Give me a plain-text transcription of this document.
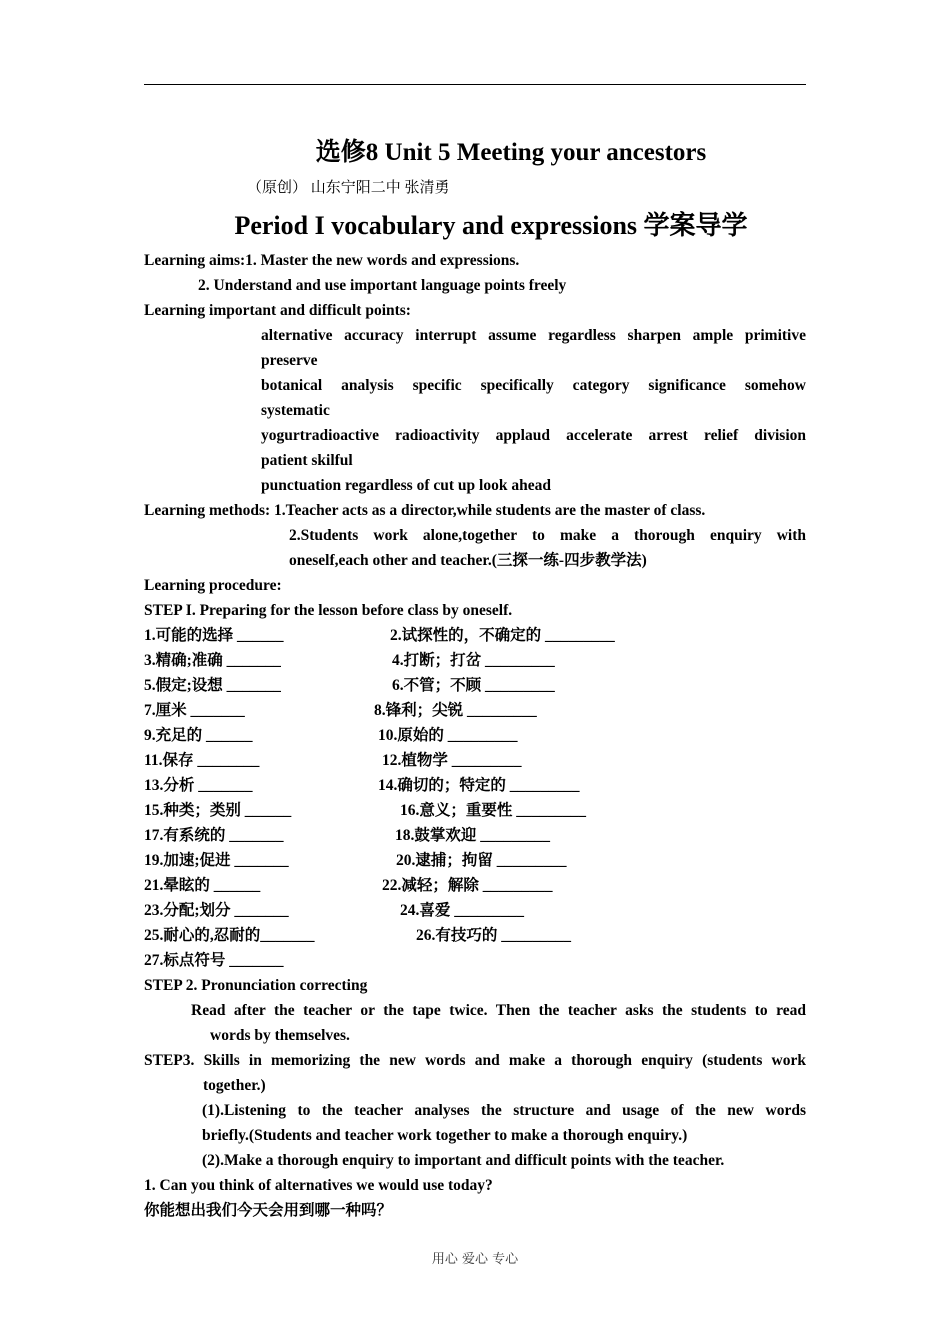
选修8 Unit 5 Meeting your ancestors
（原创） 山东宁阳二中 张清勇
Period I vocabulary and expressions 学案导学
Learning aims:1. Master the new words and expressions.
2. Understand and use important language points freely
Learning important and difficult points:
alternative accuracy interrupt assume regardless sharpen ample primitive
preserve
botanical analysis specific specifically category significance somehow
systematic
yogurtradioactive radioactivity applaud accelerate arrest relief division
patient skilful
punctuation regardless of cut up look ahead
Learning methods: 1.Teacher acts as a director,while students are the master of class.
2.Students work alone,together to make a thorough enquiry with
oneself,each other and teacher.(三探一练-四步教学法)
Learning procedure:
STEP I. Preparing for the lesson before class by oneself.
1.可能的选择 ______	2.试探性的，不确定的 _________
3.精确;准确 _______	4.打断；打岔 _________
5.假定;设想 _______	6.不管；不顾 _________
7.厘米 _______	8.锋利；尖锐 _________
9.充足的 ______	10.原始的 _________
11.保存 ________	12.植物学 _________
13.分析 _______	14.确切的；特定的 _________
15.种类；类别 ______	16.意义；重要性 _________
17.有系统的 _______	18.鼓掌欢迎 _________
19.加速;促进 _______	20.逮捕；拘留 _________
21.晕眩的 ______	22.减轻；解除 _________
23.分配;划分 _______	24.喜爱 _________
25.耐心的,忍耐的_______	26.有技巧的 _________
27.标点符号 _______
STEP 2. Pronunciation correcting
Read after the teacher or the tape twice. Then the teacher asks the students to read
words by themselves.
STEP3. Skills in memorizing the new words and make a thorough enquiry (students work
together.)
(1).Listening to the teacher analyses the structure and usage of the new words
briefly.(Students and teacher work together to make a thorough enquiry.)
(2).Make a thorough enquiry to important and difficult points with the teacher.
1. Can you think of alternatives we would use today?
你能想出我们今天会用到哪一种吗？
用心 爱心 专心
